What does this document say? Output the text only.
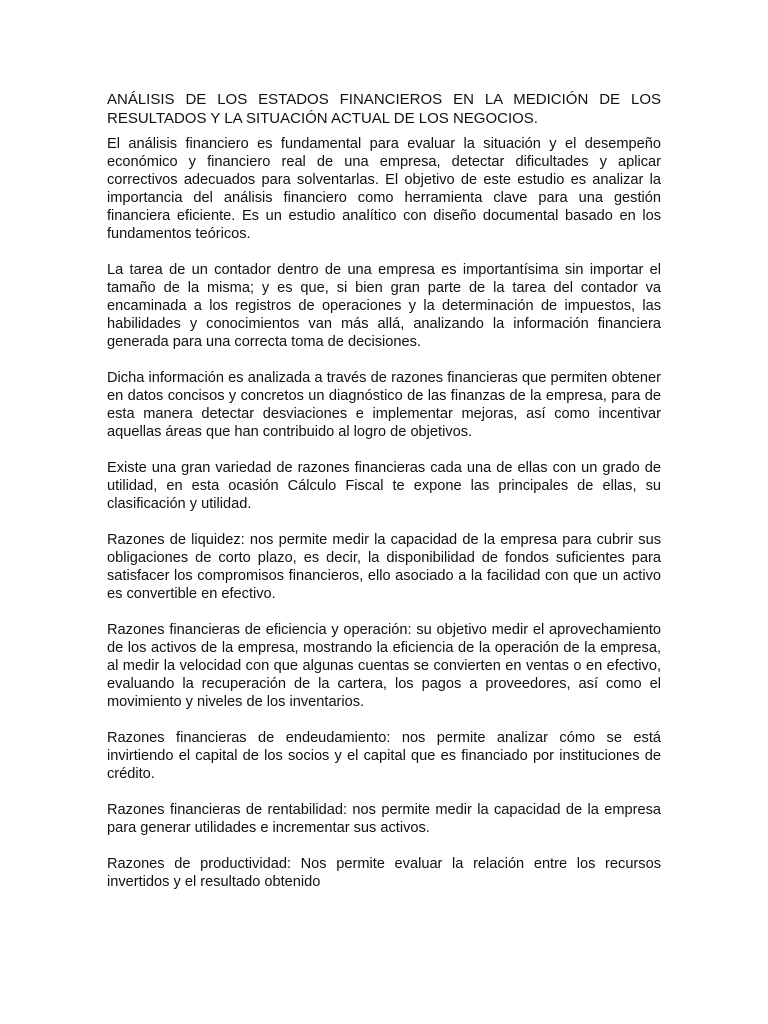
ANÁLISIS DE LOS ESTADOS FINANCIEROS EN LA MEDICIÓN DE LOS RESULTADOS Y LA SITUACIÓN ACTUAL DE LOS NEGOCIOS.

El análisis financiero es fundamental para evaluar la situación y el desempeño económico y financiero real de una empresa, detectar dificultades y aplicar correctivos adecuados para solventarlas. El objetivo de este estudio es analizar la importancia del análisis financiero como herramienta clave para una gestión financiera eficiente. Es un estudio analítico con diseño documental basado en los fundamentos teóricos.

La tarea de un contador dentro de una empresa es importantísima sin importar el tamaño de la misma; y es que, si bien gran parte de la tarea del contador va encaminada a los registros de operaciones y la determinación de impuestos, las habilidades y conocimientos van más allá, analizando la información financiera generada para una correcta toma de decisiones.

Dicha información es analizada a través de razones financieras que permiten obtener en datos concisos y concretos un diagnóstico de las finanzas de la empresa, para de esta manera detectar desviaciones e implementar mejoras, así como incentivar aquellas áreas que han contribuido al logro de objetivos.

Existe una gran variedad de razones financieras cada una de ellas con un grado de utilidad, en esta ocasión Cálculo Fiscal te expone las principales de ellas, su clasificación y utilidad.

Razones de liquidez: nos permite medir la capacidad de la empresa para cubrir sus obligaciones de corto plazo, es decir, la disponibilidad de fondos suficientes para satisfacer los compromisos financieros, ello asociado a la facilidad con que un activo es convertible en efectivo.

Razones financieras de eficiencia y operación: su objetivo medir el aprovechamiento de los activos de la empresa, mostrando la eficiencia de la operación de la empresa, al medir la velocidad con que algunas cuentas se convierten en ventas o en efectivo, evaluando la recuperación de la cartera, los pagos a proveedores, así como el movimiento y niveles de los inventarios.

Razones financieras de endeudamiento: nos permite analizar cómo se está invirtiendo el capital de los socios y el capital que es financiado por instituciones de crédito.

Razones financieras de rentabilidad: nos permite medir la capacidad de la empresa para generar utilidades e incrementar sus activos.

Razones de productividad: Nos permite evaluar la relación entre los recursos invertidos y el resultado obtenido
